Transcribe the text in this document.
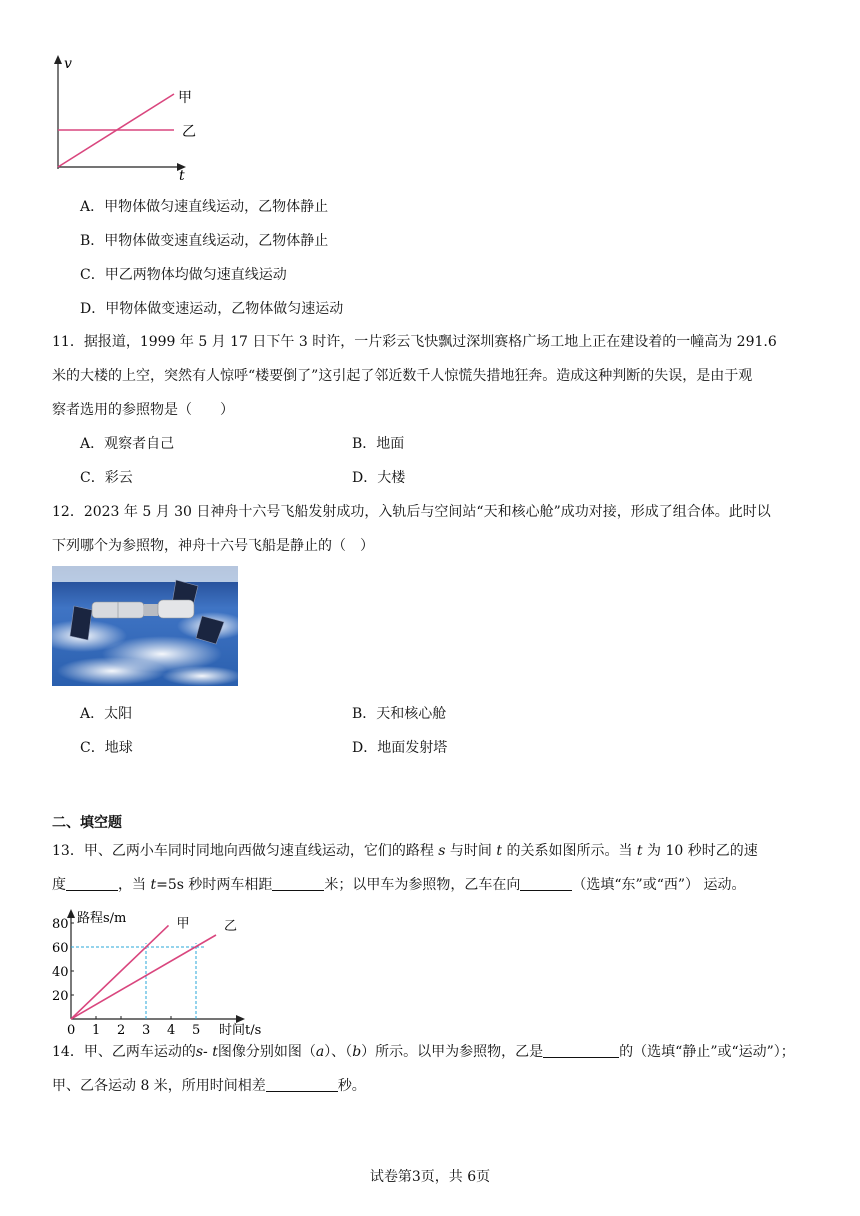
v
t
甲
乙
A．甲物体做匀速直线运动，乙物体静止
B．甲物体做变速直线运动，乙物体静止
C．甲乙两物体均做匀速直线运动
D．甲物体做变速运动，乙物体做匀速运动
11．据报道，1999 年 5 月 17 日下午 3 时许，一片彩云飞快飘过深圳赛格广场工地上正在建设着的一幢高为 291.6
米的大楼的上空，突然有人惊呼“楼要倒了”这引起了邻近数千人惊慌失措地狂奔。造成这种判断的失误，是由于观
察者选用的参照物是（　　）
A．观察者自己	B．地面
C．彩云	D．大楼
12．2023 年 5 月 30 日神舟十六号飞船发射成功，入轨后与空间站“天和核心舱”成功对接，形成了组合体。此时以
下列哪个为参照物，神舟十六号飞船是静止的（　）
A．太阳	B．天和核心舱
C．地球	D．地面发射塔
二、填空题
13．甲、乙两小车同时同地向西做匀速直线运动，它们的路程 s 与时间 t 的关系如图所示。当 t 为 10 秒时乙的速
度	，当 t=5s 秒时两车相距	米；以甲车为参照物，乙车在向	（选填“东”或“西”） 运动。
路程s/m
时间t/s
0 1 2 3 4 5
20
40
60
80	甲	乙
14．甲、乙两车运动的s- t图像分别如图（a）、（b）所示。以甲为参照物，乙是	的（选填“静止”或“运动”）；
甲、乙各运动 8 米，所用时间相差	秒。
试卷第3页，共 6页
